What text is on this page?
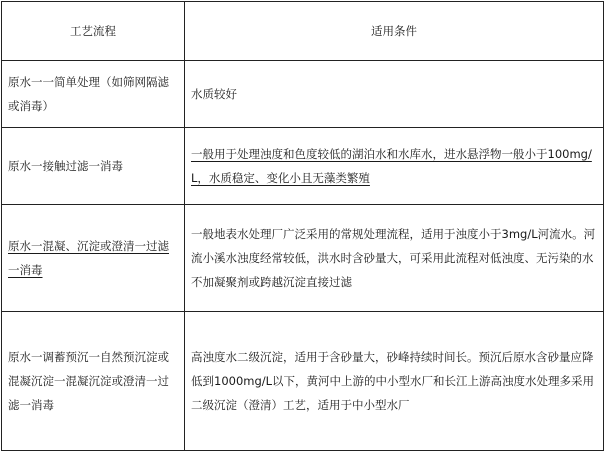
工艺流程	适用条件
原水一一简单处理（如筛网隔滤或消毒）	水质较好
原水一接触过滤一消毒	一般用于处理浊度和色度较低的湖泊水和水库水，进水悬浮物一般小于100mg/L，水质稳定、变化小且无藻类繁殖
原水一混凝、沉淀或澄清一过滤一消毒	一般地表水处理厂广泛采用的常规处理流程，适用于浊度小于3mg/L河流水。河流小溪水浊度经常较低，洪水时含砂量大，可采用此流程对低浊度、无污染的水不加凝聚剂或跨越沉淀直接过滤
原水一调蓄预沉一自然预沉淀或混凝沉淀一混凝沉淀或澄清一过滤一消毒	高浊度水二级沉淀，适用于含砂量大，砂峰持续时间长。预沉后原水含砂量应降低到1000mg/L以下，黄河中上游的中小型水厂和长江上游高浊度水处理多采用二级沉淀（澄清）工艺，适用于中小型水厂
